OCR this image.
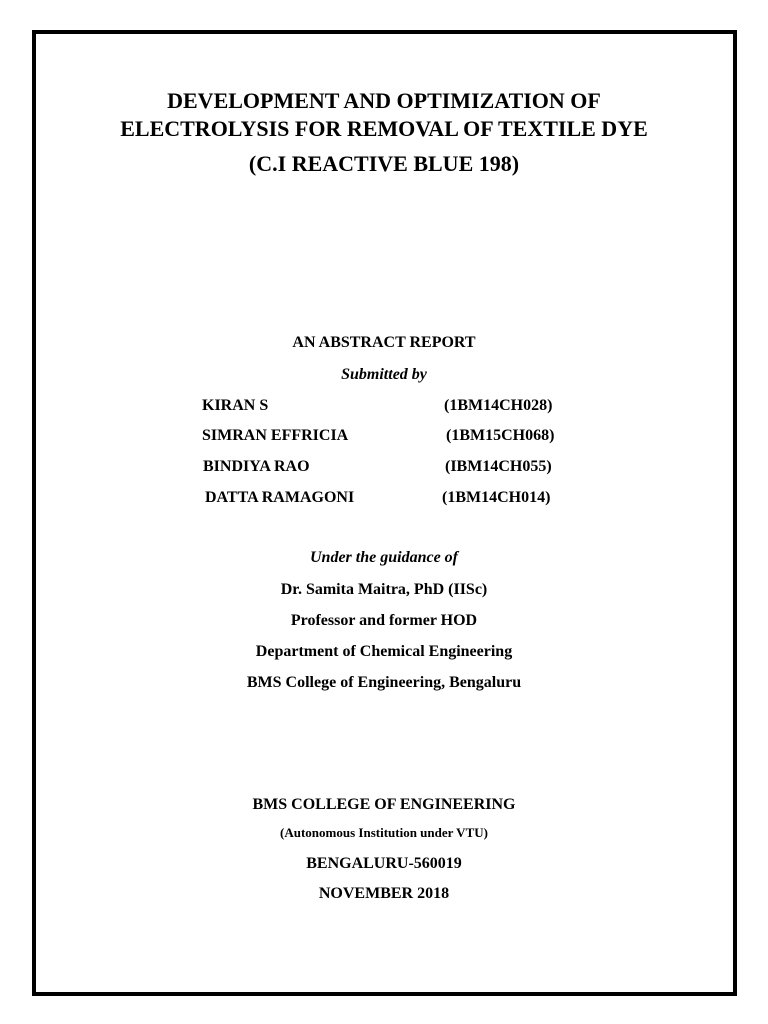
DEVELOPMENT AND OPTIMIZATION OF
ELECTROLYSIS FOR REMOVAL OF TEXTILE DYE
(C.I REACTIVE BLUE 198)
AN ABSTRACT REPORT
Submitted by
KIRAN S	(1BM14CH028)
SIMRAN EFFRICIA	(1BM15CH068)
BINDIYA RAO	(IBM14CH055)
DATTA RAMAGONI	(1BM14CH014)
Under the guidance of
Dr. Samita Maitra, PhD (IISc)
Professor and former HOD
Department of Chemical Engineering
BMS College of Engineering, Bengaluru
BMS COLLEGE OF ENGINEERING
(Autonomous Institution under VTU)
BENGALURU-560019
NOVEMBER 2018
